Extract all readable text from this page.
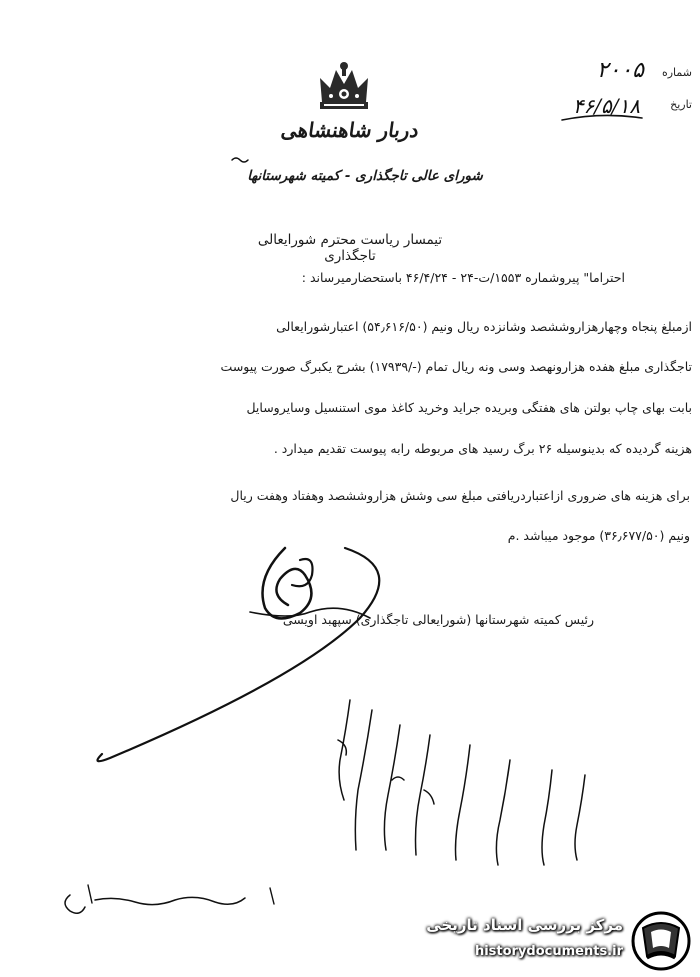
دربار شاهنشاهی
شورای عالی تاجگذاری - کمیته شهرستانها
شماره
تاریخ
۲۰۰۵
۴۶/۵/۱۸
تیمسار ریاست محترم شورایعالی تاجگذاری
احتراما" پیروشماره ۱۵۵۳/ت-۲۴ - ۴۶/۴/۲۴ باستحضارمیرساند :
ازمبلغ پنجاه وچهارهزاروششصد وشانزده ریال ونیم (۵۴٫۶۱۶/۵۰) اعتبارشورایعالی
تاجگذاری مبلغ هفده هزارونهصد وسی ونه ریال تمام (-/۱۷۹۳۹) بشرح یکبرگ صورت پیوست
بابت بهای چاپ بولتن های هفتگی وبریده جراید وخرید کاغذ موی استنسیل وسایروسایل
هزینه گردیده که بدینوسیله ۲۶ برگ رسید های مربوطه رابه پیوست تقدیم میدارد .
برای هزینه های ضروری ازاعتباردریافتی مبلغ سی وشش هزاروششصد وهفتاد وهفت ریال
ونیم (۳۶٫۶۷۷/۵۰) موجود میباشد .م
رئیس کمیته شهرستانها (شورایعالی تاجگذاری) سپهبد اویسی
مرکز بررسی اسناد تاریخی
historydocuments.ir
